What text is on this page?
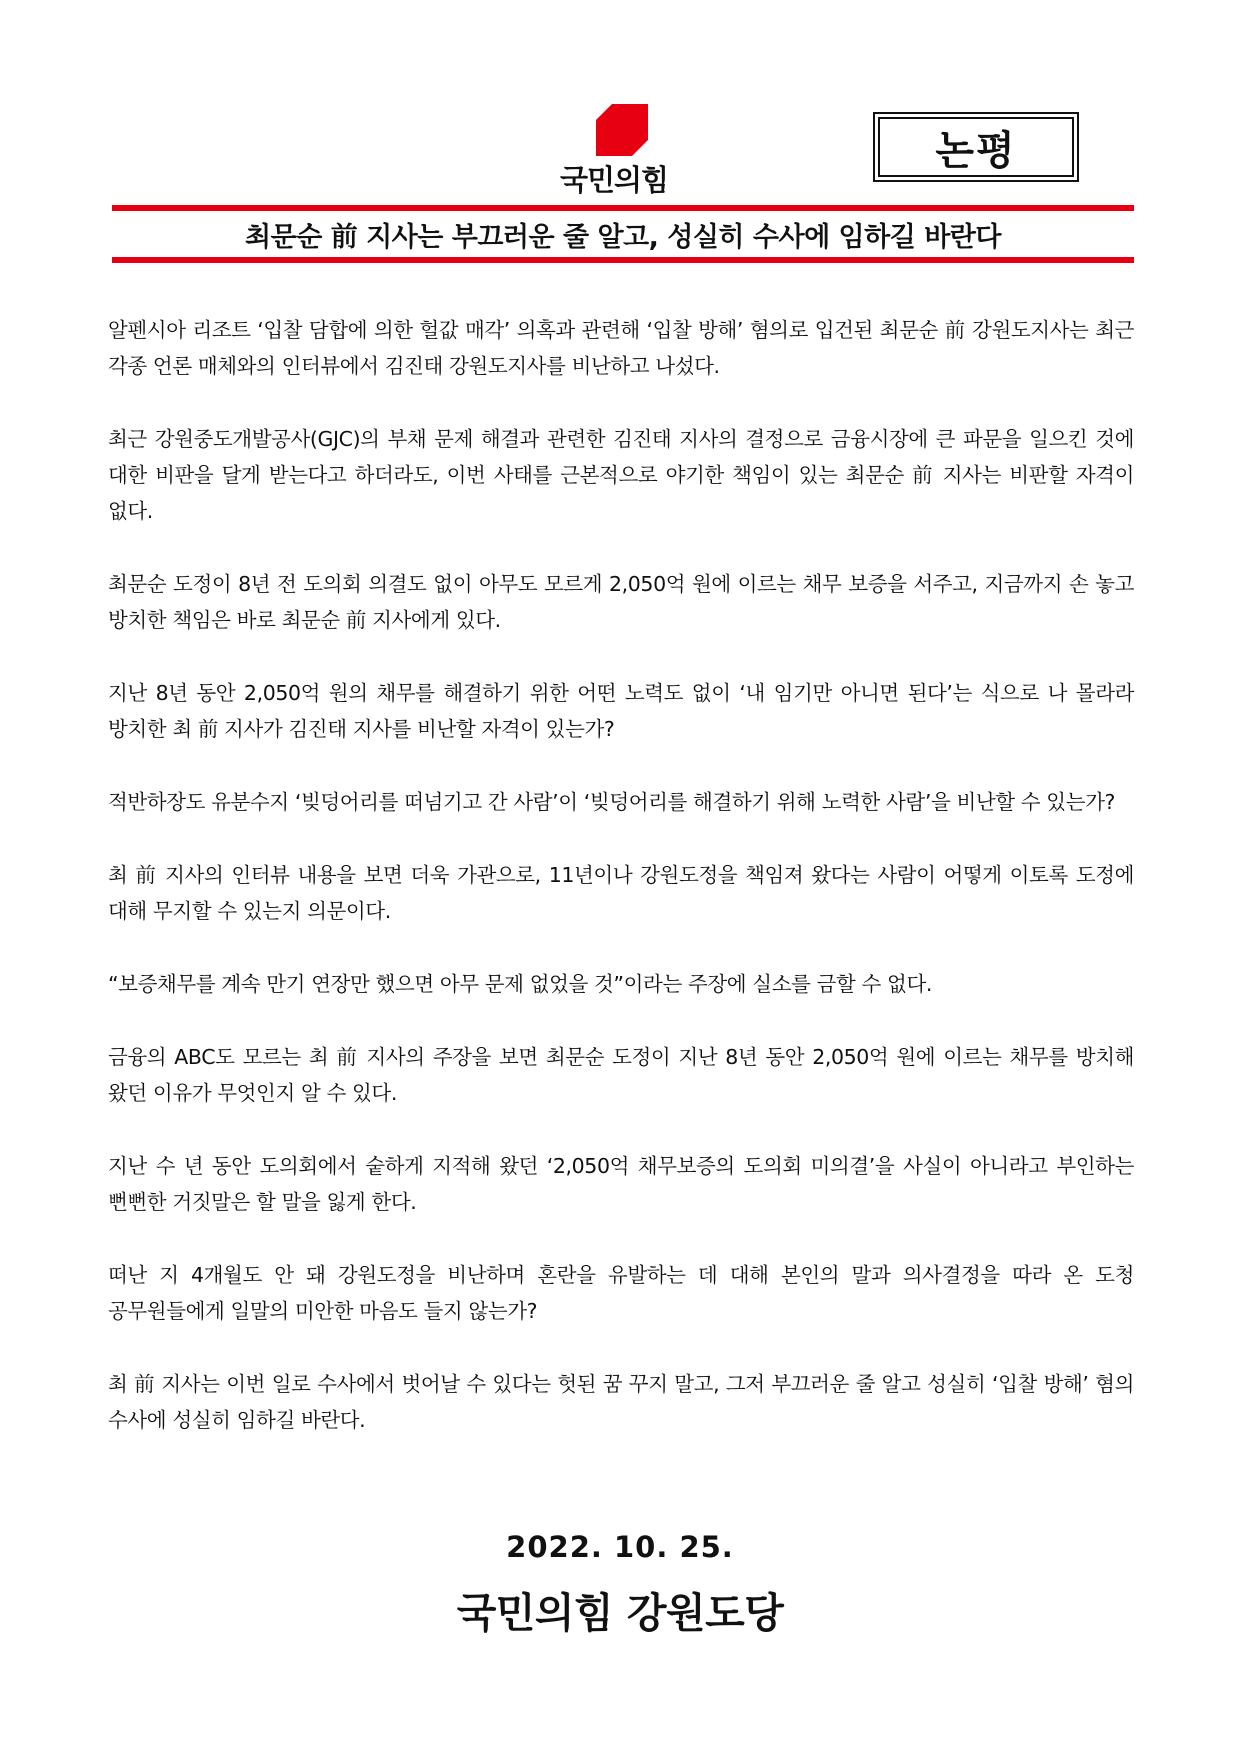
국민의힘
논평
최문순 前 지사는 부끄러운 줄 알고, 성실히 수사에 임하길 바란다

알펜시아 리조트 ‘입찰 담합에 의한 헐값 매각’ 의혹과 관련해 ‘입찰 방해’ 혐의로 입건된 최문순 前 강원도지사는 최근 각종 언론 매체와의 인터뷰에서 김진태 강원도지사를 비난하고 나섰다.

최근 강원중도개발공사(GJC)의 부채 문제 해결과 관련한 김진태 지사의 결정으로 금융시장에 큰 파문을 일으킨 것에 대한 비판을 달게 받는다고 하더라도, 이번 사태를 근본적으로 야기한 책임이 있는 최문순 前 지사는 비판할 자격이 없다.

최문순 도정이 8년 전 도의회 의결도 없이 아무도 모르게 2,050억 원에 이르는 채무 보증을 서주고, 지금까지 손 놓고 방치한 책임은 바로 최문순 前 지사에게 있다.

지난 8년 동안 2,050억 원의 채무를 해결하기 위한 어떤 노력도 없이 ‘내 임기만 아니면 된다’는 식으로 나 몰라라 방치한 최 前 지사가 김진태 지사를 비난할 자격이 있는가?

적반하장도 유분수지 ‘빚덩어리를 떠넘기고 간 사람’이 ‘빚덩어리를 해결하기 위해 노력한 사람’을 비난할 수 있는가?

최 前 지사의 인터뷰 내용을 보면 더욱 가관으로, 11년이나 강원도정을 책임져 왔다는 사람이 어떻게 이토록 도정에 대해 무지할 수 있는지 의문이다.

“보증채무를 계속 만기 연장만 했으면 아무 문제 없었을 것”이라는 주장에 실소를 금할 수 없다.

금융의 ABC도 모르는 최 前 지사의 주장을 보면 최문순 도정이 지난 8년 동안 2,050억 원에 이르는 채무를 방치해 왔던 이유가 무엇인지 알 수 있다.

지난 수 년 동안 도의회에서 숱하게 지적해 왔던 ‘2,050억 채무보증의 도의회 미의결’을 사실이 아니라고 부인하는 뻔뻔한 거짓말은 할 말을 잃게 한다.

떠난 지 4개월도 안 돼 강원도정을 비난하며 혼란을 유발하는 데 대해 본인의 말과 의사결정을 따라 온 도청 공무원들에게 일말의 미안한 마음도 들지 않는가?

최 前 지사는 이번 일로 수사에서 벗어날 수 있다는 헛된 꿈 꾸지 말고, 그저 부끄러운 줄 알고 성실히 ‘입찰 방해’ 혐의 수사에 성실히 임하길 바란다.

2022. 10. 25.
국민의힘 강원도당
